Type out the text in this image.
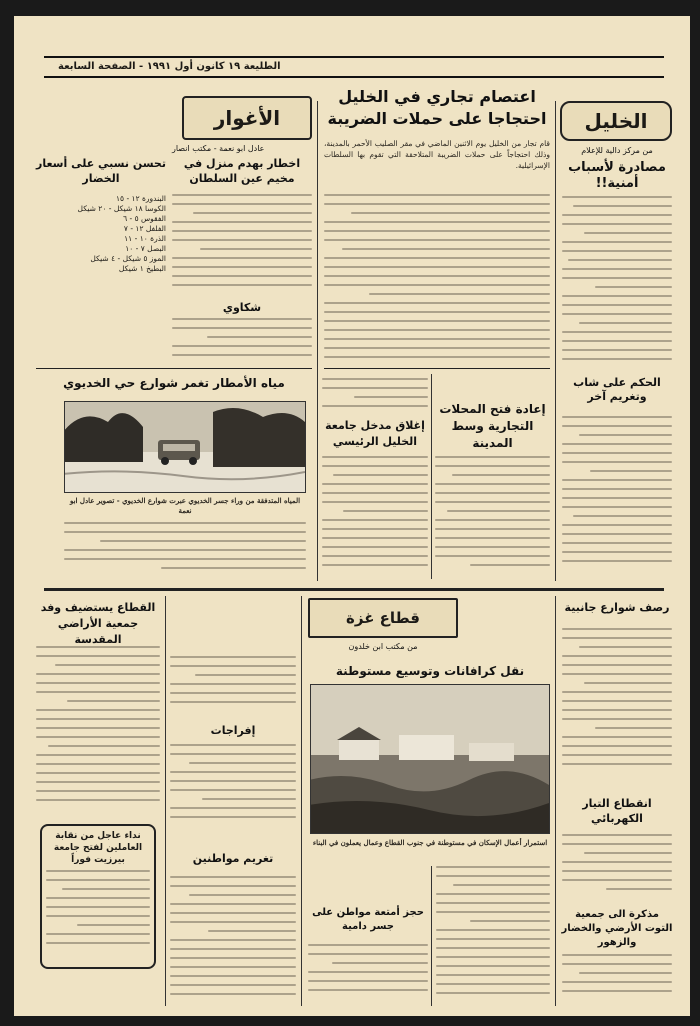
الطليعة ١٩ كانون أول ١٩٩١ - الصفحة السابعة
الخليل
الأغوار
من مركز دالية للإعلام
مصادرة لأسباب أمنية!!
الحكم على شاب وتغريم آخر
اعتصام تجاري في الخليل احتجاجا على حملات الضريبة
قام تجار من الخليل يوم الاثنين الماضي في مقر الصليب الأحمر بالمدينة، وذلك احتجاجاً على حملات الضريبة المتلاحقة التي تقوم بها السلطات الإسرائيلية.
إعادة فتح المحلات التجارية وسط المدينة
إغلاق مدخل جامعة الخليل الرئيسي
عادل ابو نعمة - مكتب انصار
اخطار بهدم منزل في مخيم عين السلطان
تحسن نسبي على أسعار الخضار
البندورة ١٢ - ١٥
الكوسا ١٨ شيكل - ٢٠ شيكل
الفقوس ٥ - ٦
الفلفل ١٢ - ٧
الذرة ١٠ - ١١
البصل ٧ - ١٠
الموز ٥ شيكل - ٤ شيكل
البطيخ ١ شيكل
شكاوي
مياه الأمطار تغمر شوارع حي الخديوي
المياه المتدفقة من وراء جسر الخديوي عبرت شوارع الخديوي - تصوير عادل ابو نعمة
قطاع غزة
من مكتب ابن خلدون
رصف شوارع جانبية
انقطاع التيار الكهربائي
مذكرة الى جمعية التوت الأرضي والخضار والزهور
نقل كرافانات وتوسيع مستوطنة
استمرار أعمال الإسكان في مستوطنة في جنوب القطاع وعمال يعملون في البناء
حجز أمتعة مواطن على جسر دامية
إفراجات
تغريم مواطنين
القطاع يستضيف وفد جمعية الأراضي المقدسة
نداء عاجل من نقابة العاملين لفتح جامعة بيرزيت فوراً
